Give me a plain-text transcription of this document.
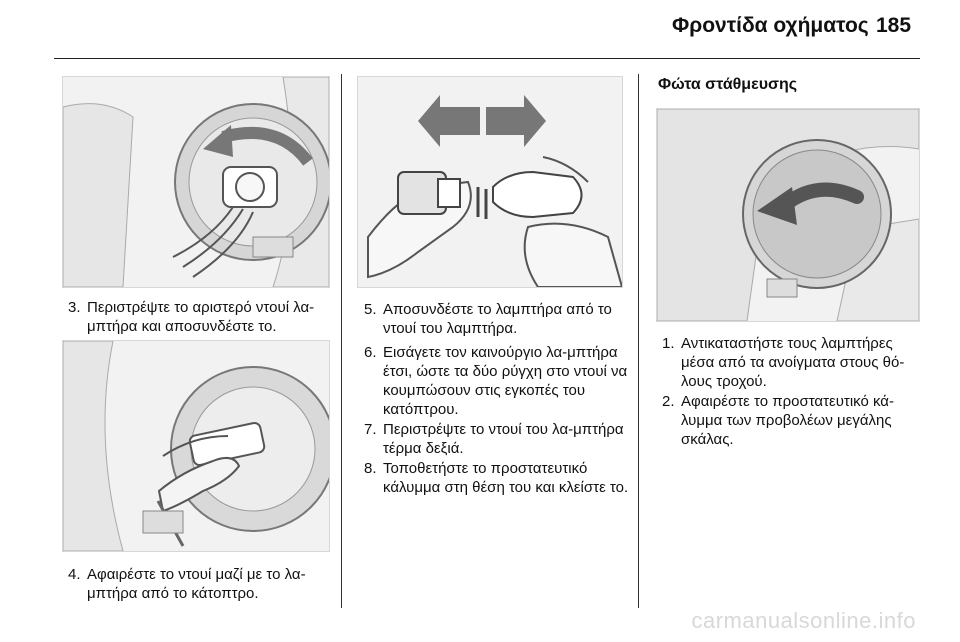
Φροντίδα οχήματος 185
3. Περιστρέψτε το αριστερό ντουί λα-μπτήρα και αποσυνδέστε το.
4. Αφαιρέστε το ντουί μαζί με το λα-μπτήρα από το κάτοπτρο.
5. Αποσυνδέστε το λαμπτήρα από το ντουί του λαμπτήρα.
6. Εισάγετε τον καινούργιο λα-μπτήρα έτσι, ώστε τα δύο ρύγχη στο ντουί να κουμπώσουν στις εγκοπές του κατόπτρου.
7. Περιστρέψτε το ντουί του λα-μπτήρα τέρμα δεξιά.
8. Τοποθετήστε το προστατευτικό κάλυμμα στη θέση του και κλείστε το.
Φώτα στάθμευσης
1. Αντικαταστήστε τους λαμπτήρες μέσα από τα ανοίγματα στους θό-λους τροχού.
2. Αφαιρέστε το προστατευτικό κά-λυμμα των προβολέων μεγάλης σκάλας.
carmanualsonline.info
